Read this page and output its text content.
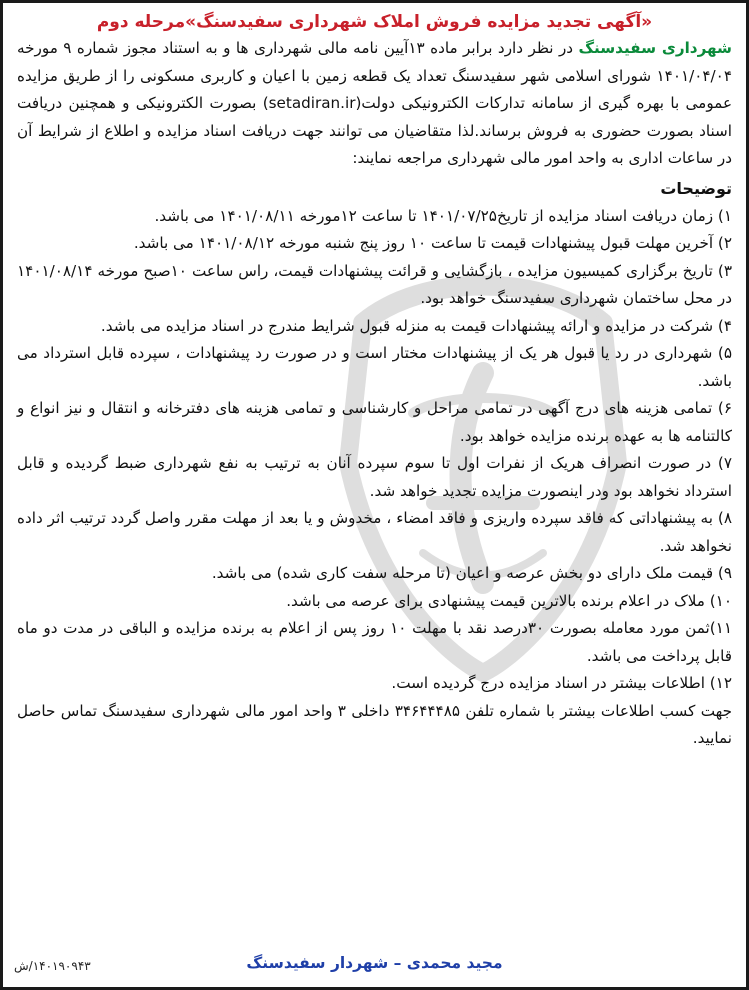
«آگهی تجدید مزایده فروش املاک شهرداری سفیدسنگ»مرحله دوم

شهرداری سفیدسنگ در نظر دارد برابر ماده ۱۳آیین نامه مالی شهرداری ها و به استناد مجوز شماره ۹ مورخه ۱۴۰۱/۰۴/۰۴ شورای اسلامی شهر سفیدسنگ تعداد یک قطعه زمین با اعیان و کاربری مسکونی را از طریق مزایده عمومی با بهره گیری از سامانه تدارکات الکترونیکی دولت(setadiran.ir) بصورت الکترونیکی و همچنین دریافت اسناد بصورت حضوری به فروش برساند.لذا متقاضیان می توانند جهت دریافت اسناد مزایده و اطلاع از شرایط آن در ساعات اداری به واحد امور مالی شهرداری مراجعه نمایند:

توضیحات
۱) زمان دریافت اسناد مزایده از تاریخ۱۴۰۱/۰۷/۲۵ تا ساعت ۱۲مورخه ۱۴۰۱/۰۸/۱۱ می باشد.
۲) آخرین مهلت قبول پیشنهادات قیمت تا ساعت ۱۰ روز پنج شنبه مورخه ۱۴۰۱/۰۸/۱۲ می باشد.
۳) تاریخ برگزاری کمیسیون مزایده ، بازگشایی و قرائت پیشنهادات قیمت، راس ساعت ۱۰صبح مورخه ۱۴۰۱/۰۸/۱۴ در محل ساختمان شهرداری سفیدسنگ خواهد بود.
۴) شرکت در مزایده و ارائه پیشنهادات قیمت به منزله قبول شرایط مندرج در اسناد مزایده می باشد.
۵) شهرداری در رد یا قبول هر یک از پیشنهادات مختار است و در صورت رد پیشنهادات ، سپرده قابل استرداد می باشد.
۶) تمامی هزینه های درج آگهی در تمامی مراحل و کارشناسی و تمامی هزینه های دفترخانه و انتقال و نیز انواع و کالتنامه ها به عهده برنده مزایده خواهد بود.
۷) در صورت انصراف هریک از نفرات اول تا سوم سپرده آنان به ترتیب به نفع شهرداری ضبط گردیده و قابل استرداد نخواهد بود ودر اینصورت مزایده تجدید خواهد شد.
۸) به پیشنهاداتی که فاقد سپرده واریزی و فاقد امضاء ، مخدوش و یا بعد از مهلت مقرر واصل گردد ترتیب اثر داده نخواهد شد.
۹) قیمت ملک دارای دو بخش عرصه و اعیان (تا مرحله سفت کاری شده) می باشد.
۱۰) ملاک در اعلام برنده بالاترین قیمت پیشنهادی برای عرصه می باشد.
۱۱)ثمن مورد معامله بصورت ۳۰درصد نقد با مهلت ۱۰ روز پس از اعلام به برنده مزایده و الباقی در مدت دو ماه قابل پرداخت می باشد.
۱۲) اطلاعات بیشتر در اسناد مزایده درج گردیده است.

جهت کسب اطلاعات بیشتر با شماره تلفن ۳۴۶۴۴۴۸۵ داخلی ۳ واحد امور مالی شهرداری سفیدسنگ تماس حاصل نمایید.

مجید محمدی – شهردار سفیدسنگ
۱۴۰۱۹۰۹۴۳/ش
